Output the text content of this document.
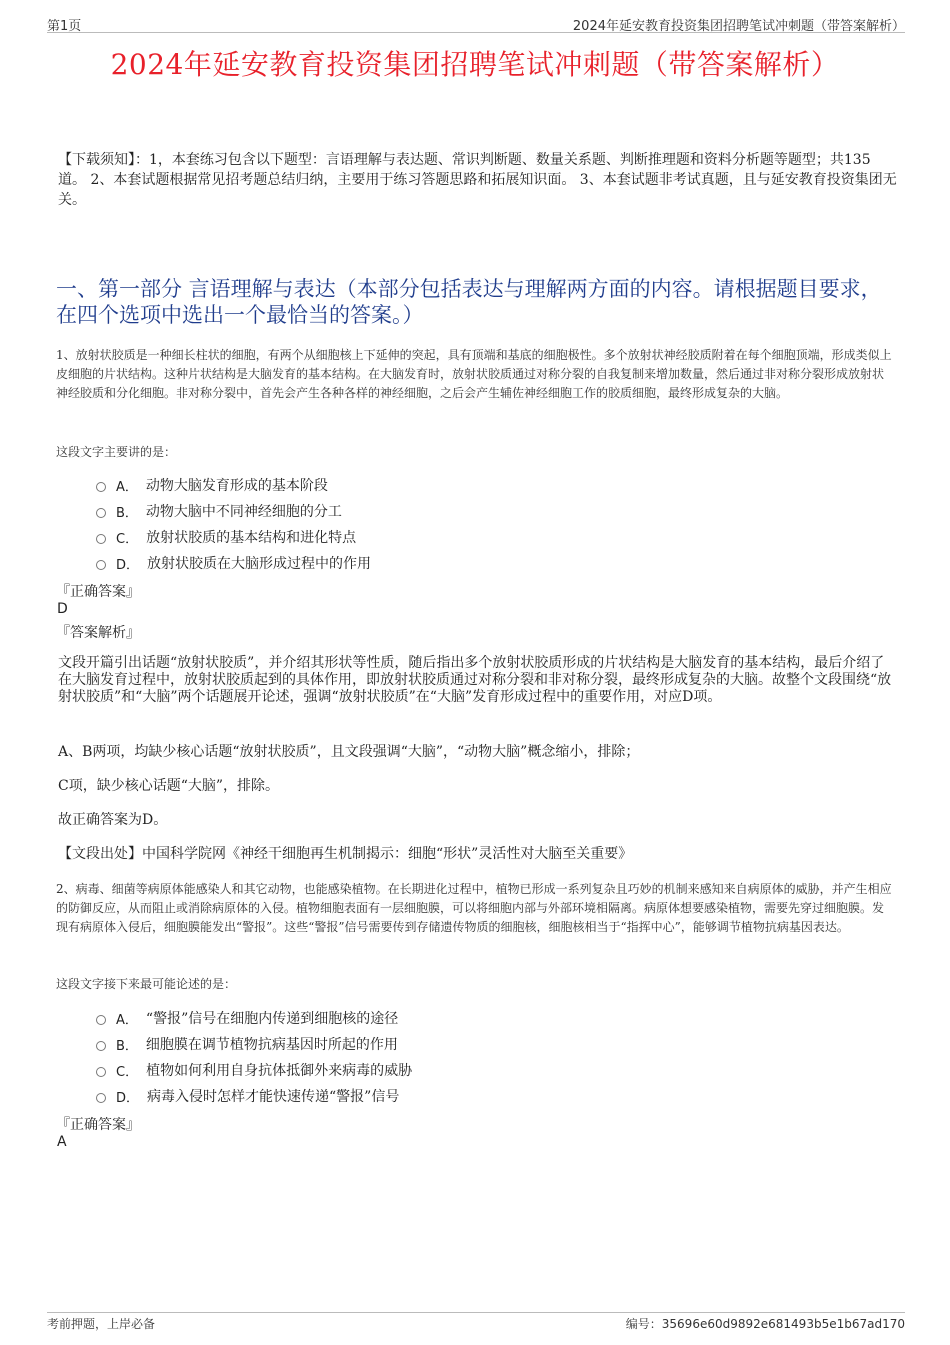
第1页	2024年延安教育投资集团招聘笔试冲刺题（带答案解析）
2024年延安教育投资集团招聘笔试冲刺题（带答案解析）
【下载须知】：1，本套练习包含以下题型：言语理解与表达题、常识判断题、数量关系题、判断推理题和资料分析题等题型；共135道。 2、本套试题根据常见招考题总结归纳，主要用于练习答题思路和拓展知识面。 3、本套试题非考试真题，且与延安教育投资集团无关。
一、第一部分 言语理解与表达（本部分包括表达与理解两方面的内容。请根据题目要求，在四个选项中选出一个最恰当的答案。）
1、放射状胶质是一种细长柱状的细胞，有两个从细胞核上下延伸的突起，具有顶端和基底的细胞极性。多个放射状神经胶质附着在每个细胞顶端，形成类似上皮细胞的片状结构。这种片状结构是大脑发育的基本结构。在大脑发育时，放射状胶质通过对称分裂的自我复制来增加数量，然后通过非对称分裂形成放射状神经胶质和分化细胞。非对称分裂中，首先会产生各种各样的神经细胞，之后会产生辅佐神经细胞工作的胶质细胞，最终形成复杂的大脑。
这段文字主要讲的是：
A． 动物大脑发育形成的基本阶段
B． 动物大脑中不同神经细胞的分工
C． 放射状胶质的基本结构和进化特点
D． 放射状胶质在大脑形成过程中的作用
『正确答案』
D
『答案解析』
文段开篇引出话题“放射状胶质”，并介绍其形状等性质，随后指出多个放射状胶质形成的片状结构是大脑发育的基本结构，最后介绍了在大脑发育过程中，放射状胶质起到的具体作用，即放射状胶质通过对称分裂和非对称分裂，最终形成复杂的大脑。故整个文段围绕“放射状胶质”和“大脑”两个话题展开论述，强调“放射状胶质”在“大脑”发育形成过程中的重要作用，对应D项。
A、B两项，均缺少核心话题“放射状胶质”，且文段强调“大脑”，“动物大脑”概念缩小，排除；
C项，缺少核心话题“大脑”，排除。
故正确答案为D。
【文段出处】中国科学院网《神经干细胞再生机制揭示：细胞“形状”灵活性对大脑至关重要》
2、病毒、细菌等病原体能感染人和其它动物，也能感染植物。在长期进化过程中，植物已形成一系列复杂且巧妙的机制来感知来自病原体的威胁，并产生相应的防御反应，从而阻止或消除病原体的入侵。植物细胞表面有一层细胞膜，可以将细胞内部与外部环境相隔离。病原体想要感染植物，需要先穿过细胞膜。发现有病原体入侵后，细胞膜能发出“警报”。这些“警报”信号需要传到存储遗传物质的细胞核，细胞核相当于“指挥中心”，能够调节植物抗病基因表达。
这段文字接下来最可能论述的是：
A． “警报”信号在细胞内传递到细胞核的途径
B． 细胞膜在调节植物抗病基因时所起的作用
C． 植物如何利用自身抗体抵御外来病毒的威胁
D． 病毒入侵时怎样才能快速传递“警报”信号
『正确答案』
A
考前押题，上岸必备	编号：35696e60d9892e681493b5e1b67ad170
